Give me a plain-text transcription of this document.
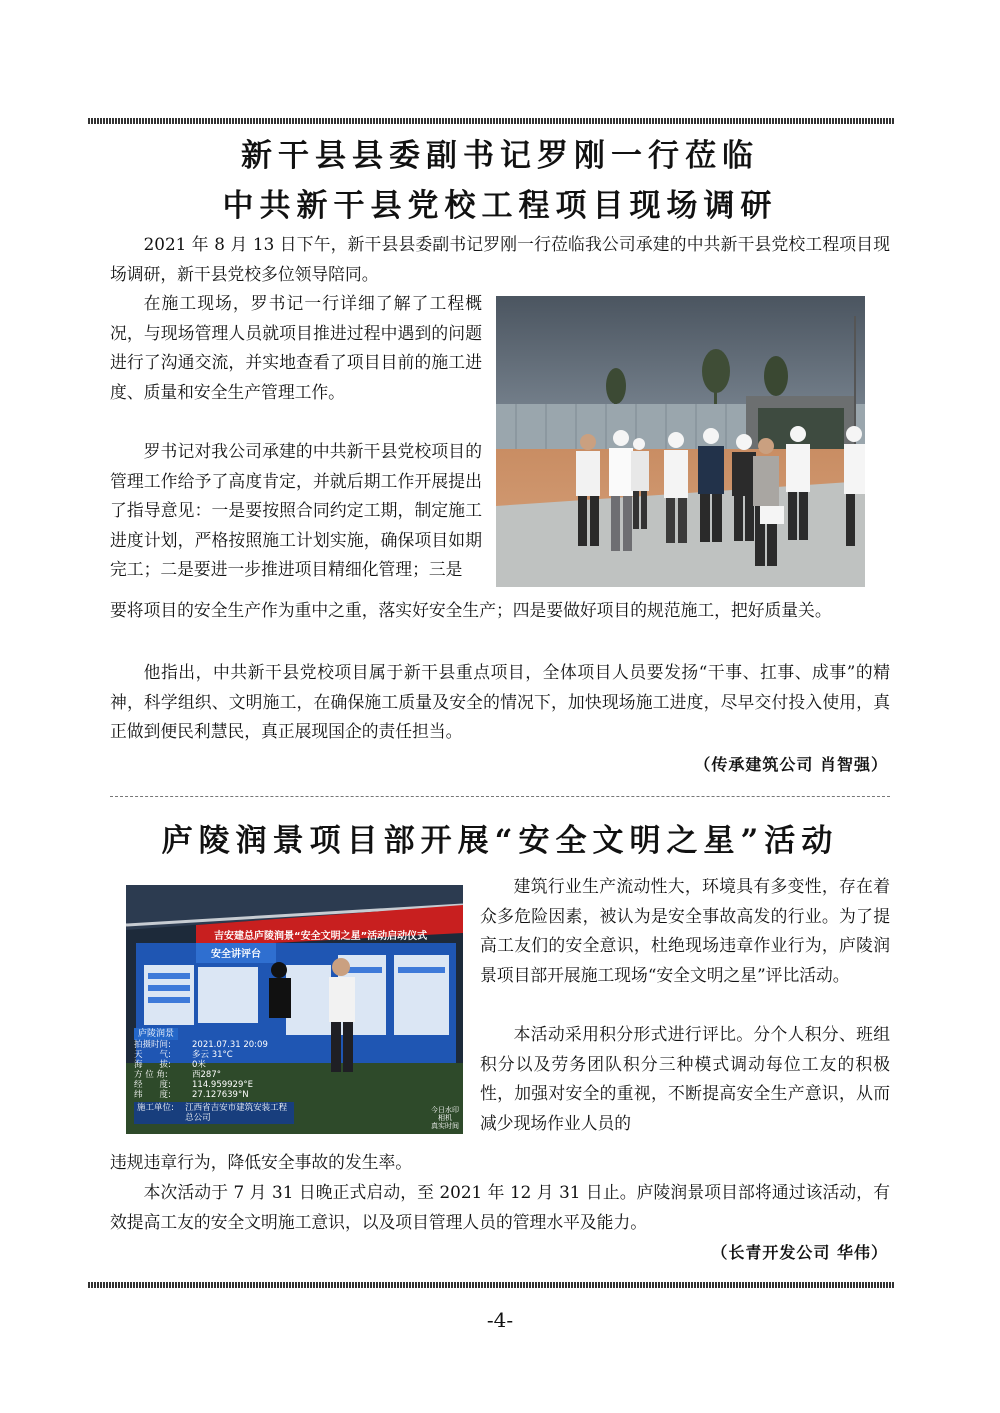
新干县县委副书记罗刚一行莅临
中共新干县党校工程项目现场调研

2021 年 8 月 13 日下午，新干县县委副书记罗刚一行莅临我公司承建的中共新干县党校工程项目现场调研，新干县党校多位领导陪同。

在施工现场，罗书记一行详细了解了工程概况，与现场管理人员就项目推进过程中遇到的问题进行了沟通交流，并实地查看了项目目前的施工进度、质量和安全生产管理工作。

罗书记对我公司承建的中共新干县党校项目的管理工作给予了高度肯定，并就后期工作开展提出了指导意见：一是要按照合同约定工期，制定施工进度计划，严格按照施工计划实施，确保项目如期完工；二是要进一步推进项目精细化管理；三是

要将项目的安全生产作为重中之重，落实好安全生产；四是要做好项目的规范施工，把好质量关。

他指出，中共新干县党校项目属于新干县重点项目，全体项目人员要发扬“干事、扛事、成事”的精神，科学组织、文明施工，在确保施工质量及安全的情况下，加快现场施工进度，尽早交付投入使用，真正做到便民利慧民，真正展现国企的责任担当。

（传承建筑公司 肖智强）
庐陵润景项目部开展“安全文明之星”活动
吉安建总庐陵润景“安全文明之星”活动启动仪式
安全讲评台
庐陵润景
拍摄时间:	2021.07.31 20:09
天　　气:	多云 31°C
海　　拔:	0米
方 位 角:	西287°
经　　度:	114.959929°E
纬　　度:	27.127639°N
施工单位:	江西省吉安市建筑安装工程总公司
今日水印
相机
真实时间

建筑行业生产流动性大，环境具有多变性，存在着众多危险因素，被认为是安全事故高发的行业。为了提高工友们的安全意识，杜绝现场违章作业行为，庐陵润景项目部开展施工现场“安全文明之星”评比活动。

本活动采用积分形式进行评比。分个人积分、班组积分以及劳务团队积分三种模式调动每位工友的积极性，加强对安全的重视，不断提高安全生产意识，从而减少现场作业人员的

违规违章行为，降低安全事故的发生率。

本次活动于 7 月 31 日晚正式启动，至 2021 年 12 月 31 日止。庐陵润景项目部将通过该活动，有效提高工友的安全文明施工意识，以及项目管理人员的管理水平及能力。

（长青开发公司 华伟）
-4-
